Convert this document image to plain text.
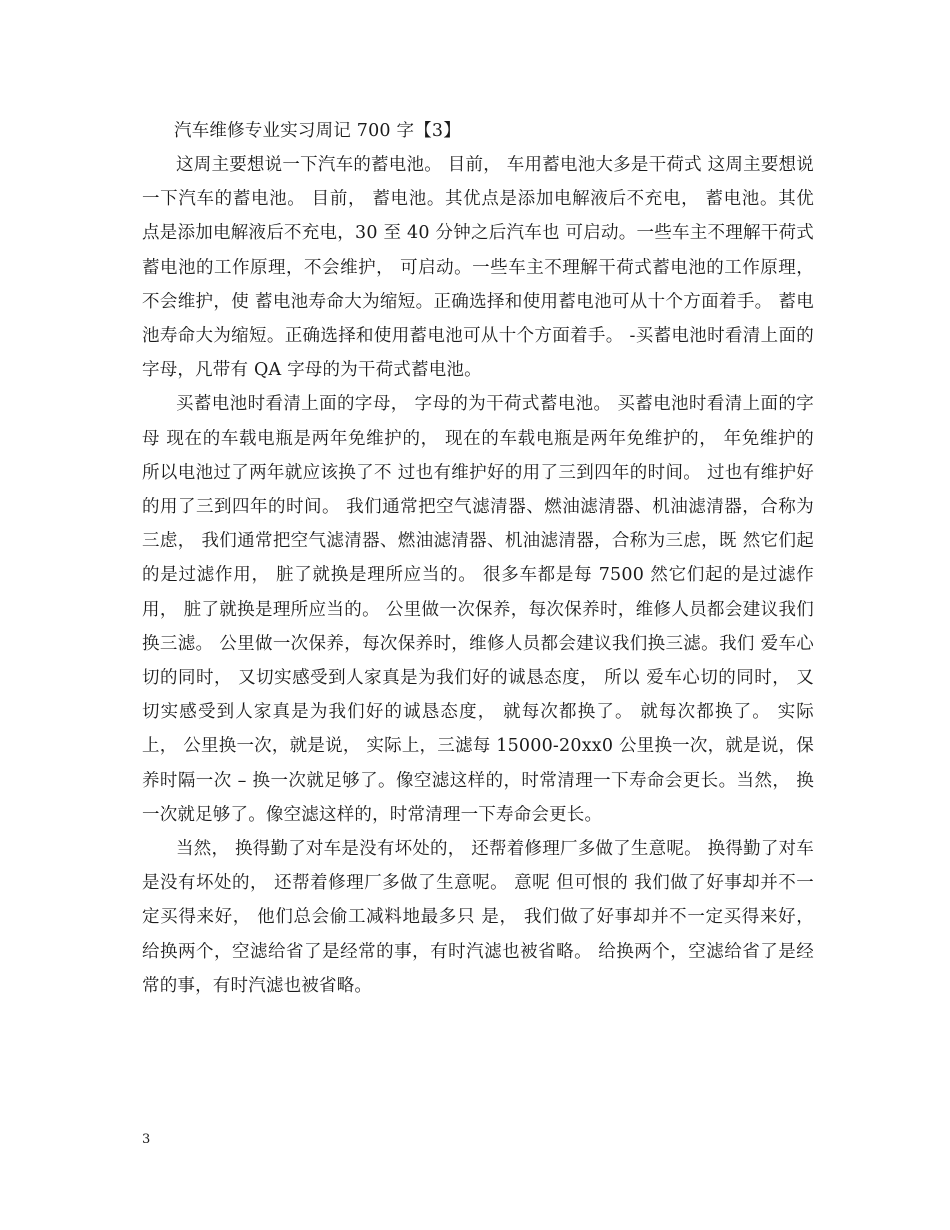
汽车维修专业实习周记 700 字【3】

这周主要想说一下汽车的蓄电池。 目前， 车用蓄电池大多是干荷式 这周主要想说一下汽车的蓄电池。 目前， 蓄电池。其优点是添加电解液后不充电， 蓄电池。其优点是添加电解液后不充电，30 至 40 分钟之后汽车也 可启动。一些车主不理解干荷式蓄电池的工作原理，不会维护， 可启动。一些车主不理解干荷式蓄电池的工作原理，不会维护，使 蓄电池寿命大为缩短。正确选择和使用蓄电池可从十个方面着手。 蓄电池寿命大为缩短。正确选择和使用蓄电池可从十个方面着手。 -买蓄电池时看清上面的字母，凡带有 QA 字母的为干荷式蓄电池。

买蓄电池时看清上面的字母， 字母的为干荷式蓄电池。 买蓄电池时看清上面的字母 现在的车载电瓶是两年免维护的， 现在的车载电瓶是两年免维护的， 年免维护的 所以电池过了两年就应该换了不 过也有维护好的用了三到四年的时间。 过也有维护好的用了三到四年的时间。 我们通常把空气滤清器、燃油滤清器、机油滤清器，合称为三虑， 我们通常把空气滤清器、燃油滤清器、机油滤清器，合称为三虑，既 然它们起的是过滤作用， 脏了就换是理所应当的。 很多车都是每 7500 然它们起的是过滤作用， 脏了就换是理所应当的。 公里做一次保养，每次保养时，维修人员都会建议我们换三滤。 公里做一次保养，每次保养时，维修人员都会建议我们换三滤。我们 爱车心切的同时， 又切实感受到人家真是为我们好的诚恳态度， 所以 爱车心切的同时， 又切实感受到人家真是为我们好的诚恳态度， 就每次都换了。 就每次都换了。 实际上， 公里换一次，就是说， 实际上，三滤每 15000-20xx0 公里换一次，就是说，保养时隔一次 – 换一次就足够了。像空滤这样的，时常清理一下寿命会更长。当然， 换一次就足够了。像空滤这样的，时常清理一下寿命会更长。

当然， 换得勤了对车是没有坏处的， 还帮着修理厂多做了生意呢。 换得勤了对车是没有坏处的， 还帮着修理厂多做了生意呢。 意呢 但可恨的 我们做了好事却并不一定买得来好， 他们总会偷工减料地最多只 是， 我们做了好事却并不一定买得来好， 给换两个，空滤给省了是经常的事，有时汽滤也被省略。 给换两个，空滤给省了是经常的事，有时汽滤也被省略。

3
